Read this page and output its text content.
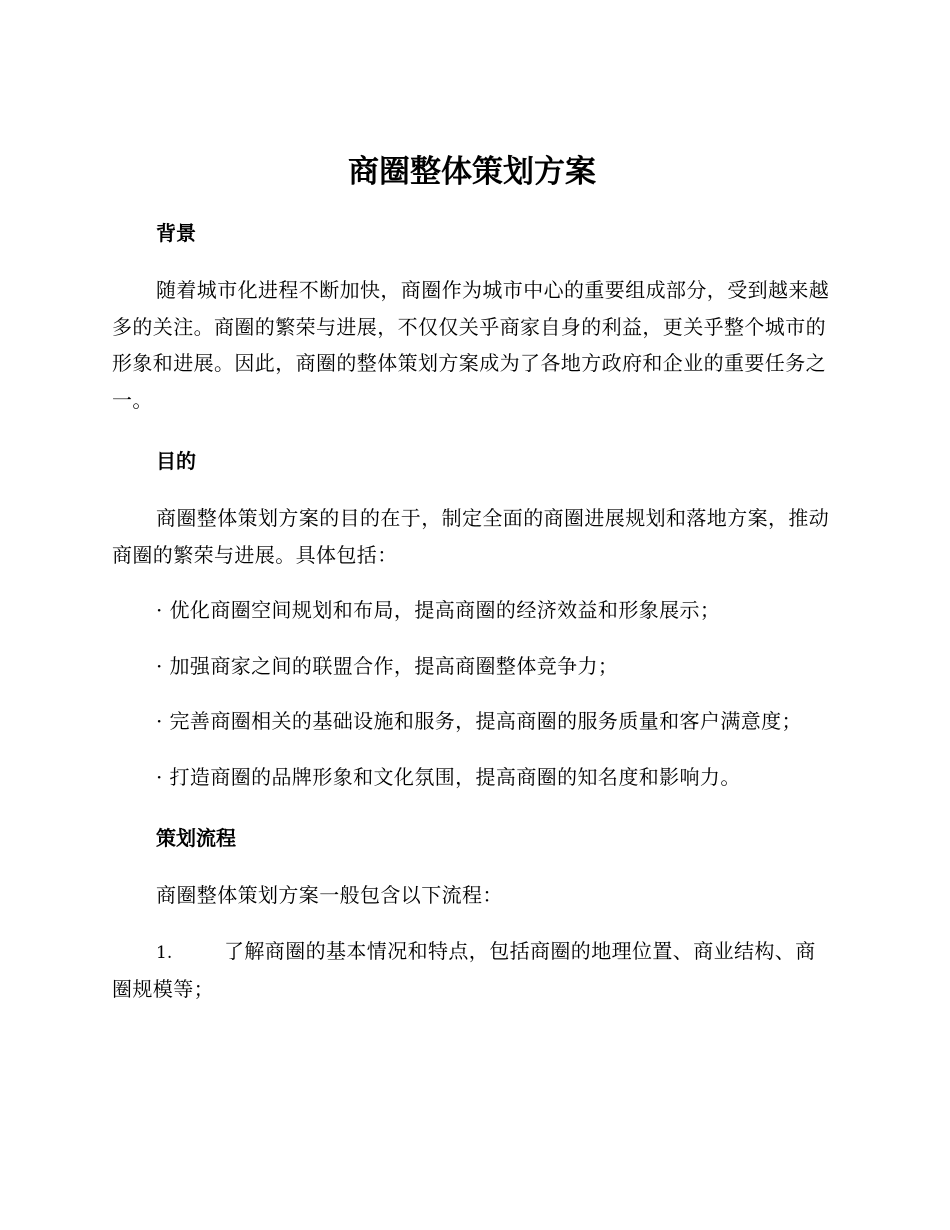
商圈整体策划方案
背景

随着城市化进程不断加快，商圈作为城市中心的重要组成部分，受到越来越多的关注。商圈的繁荣与进展，不仅仅关乎商家自身的利益，更关乎整个城市的形象和进展。因此，商圈的整体策划方案成为了各地方政府和企业的重要任务之一。

目的

商圈整体策划方案的目的在于，制定全面的商圈进展规划和落地方案，推动商圈的繁荣与进展。具体包括：

· 优化商圈空间规划和布局，提高商圈的经济效益和形象展示；

· 加强商家之间的联盟合作，提高商圈整体竞争力；

· 完善商圈相关的基础设施和服务，提高商圈的服务质量和客户满意度；

· 打造商圈的品牌形象和文化氛围，提高商圈的知名度和影响力。

策划流程

商圈整体策划方案一般包含以下流程：

1.	了解商圈的基本情况和特点，包括商圈的地理位置、商业结构、商圈规模等；
